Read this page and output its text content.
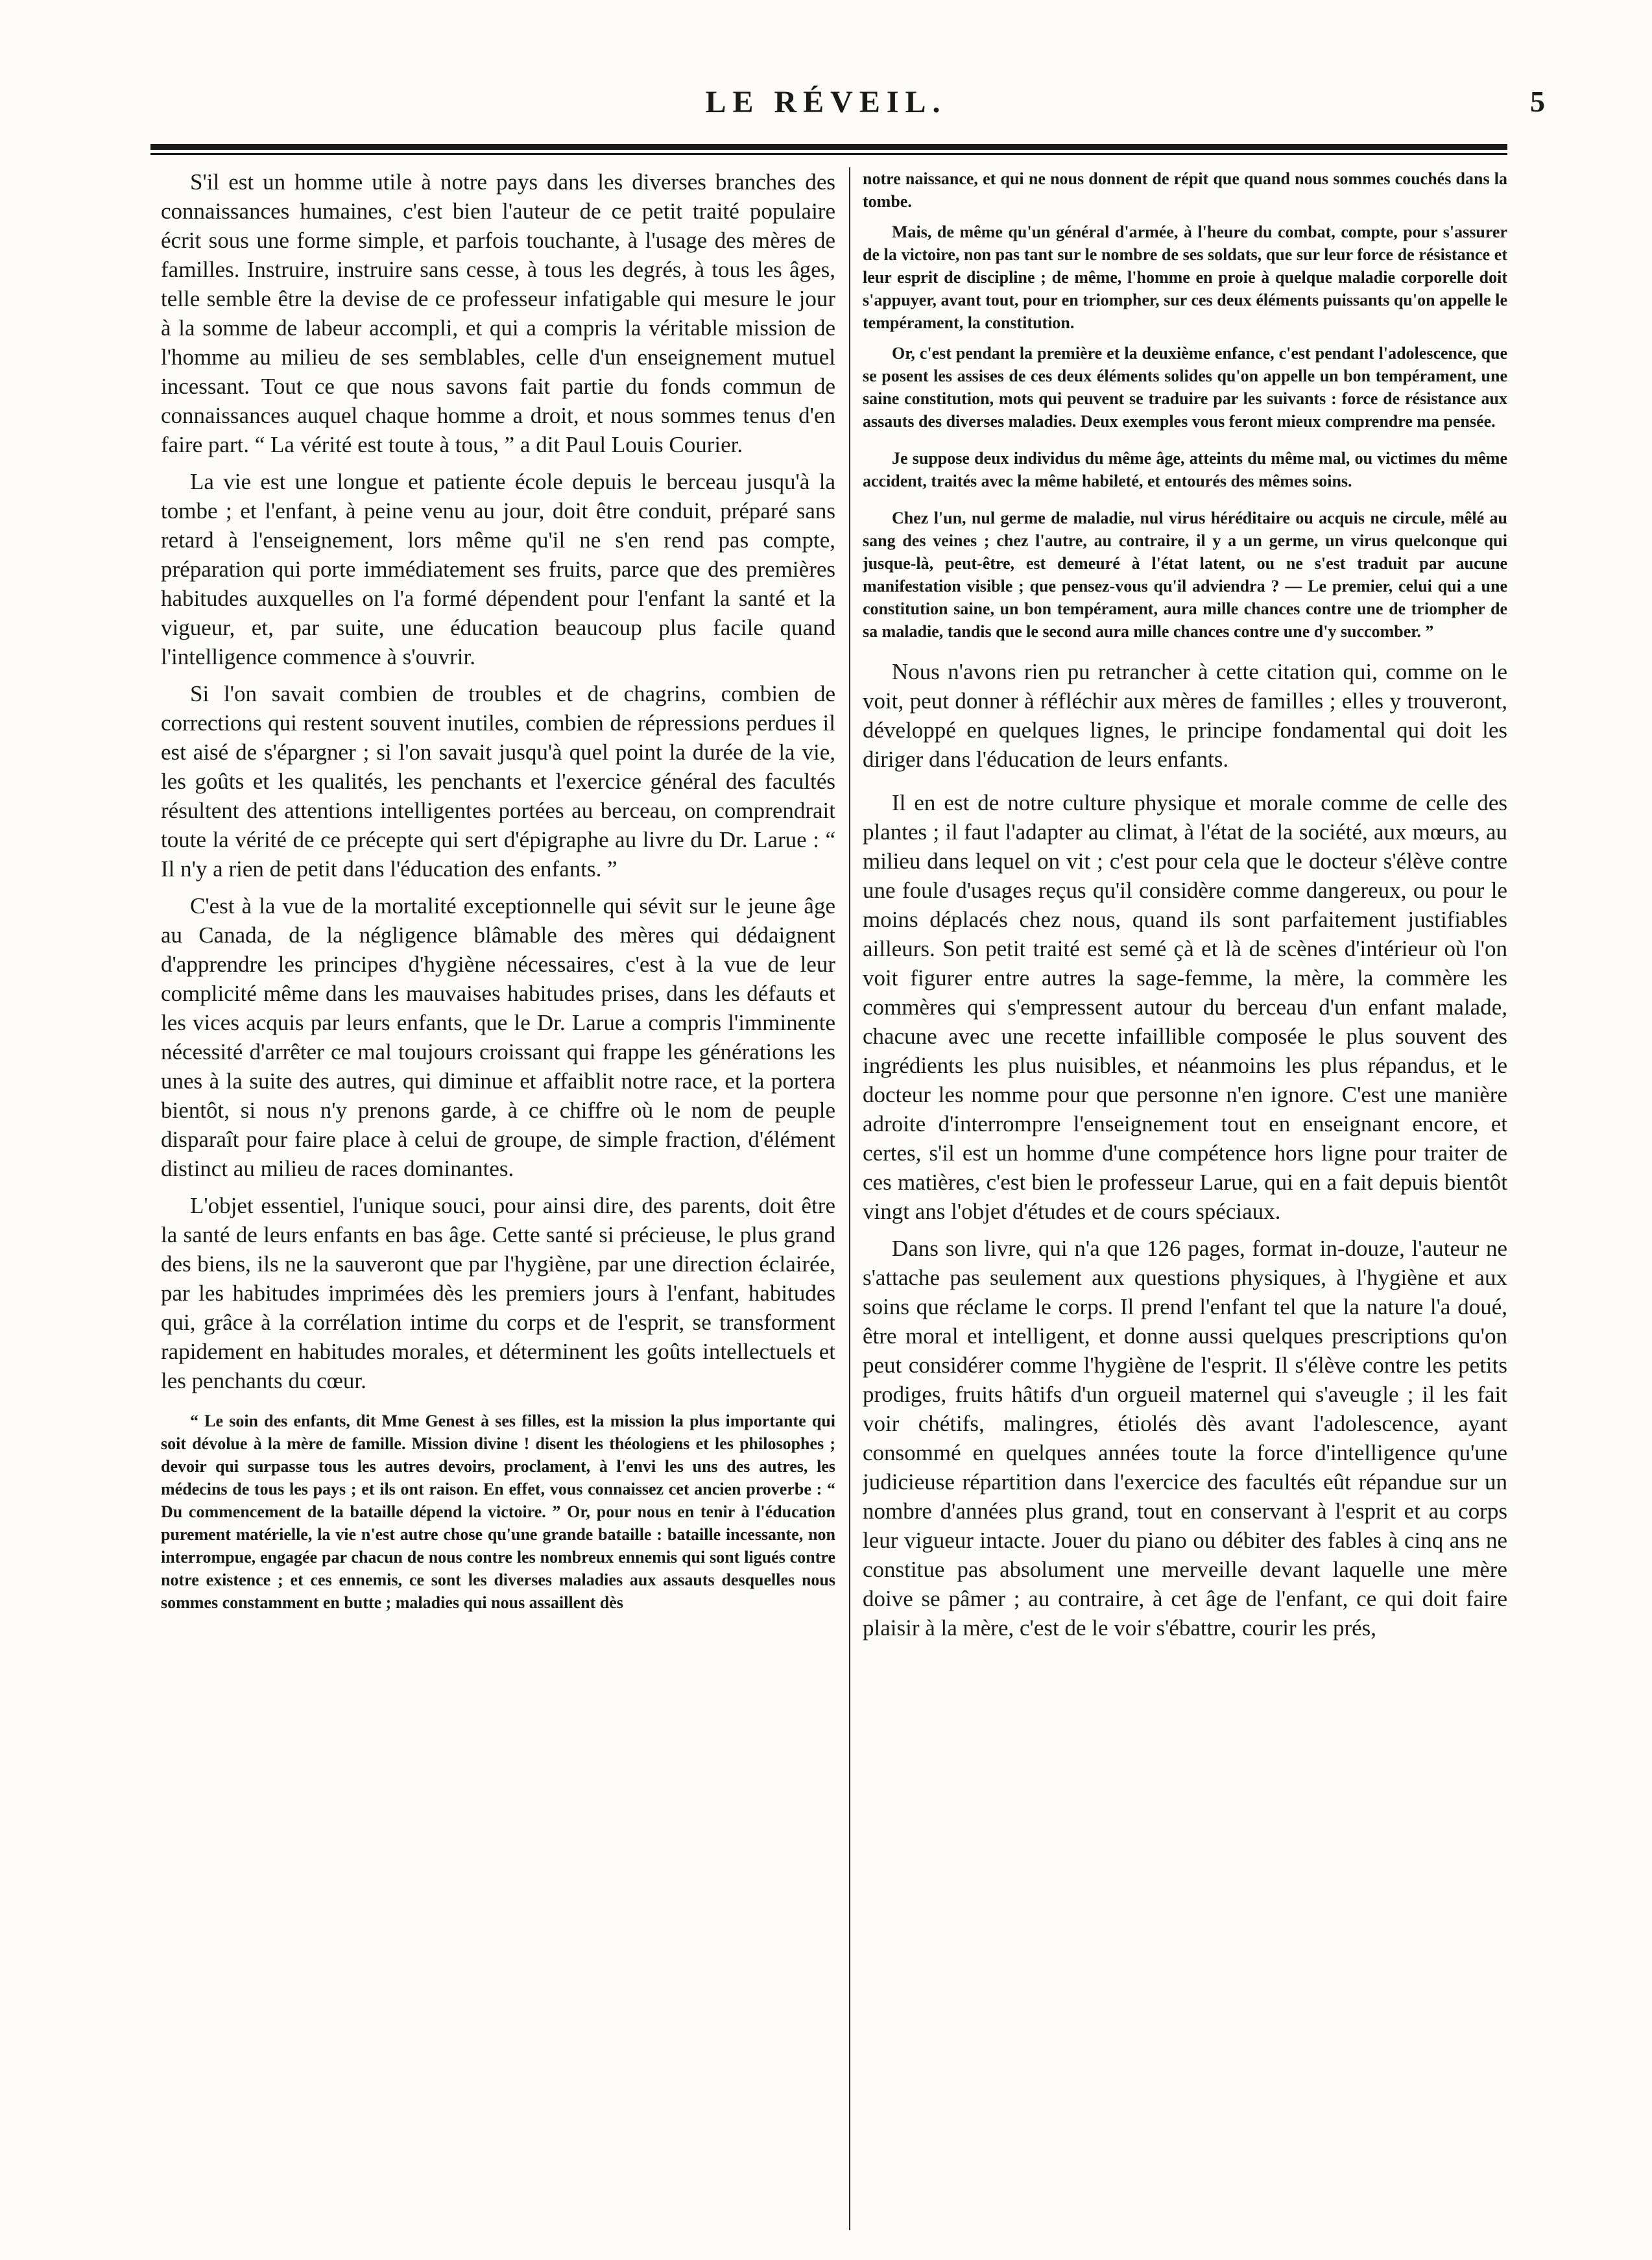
LE RÉVEIL.	5

S'il est un homme utile à notre pays dans les diverses branches des connaissances humaines, c'est bien l'auteur de ce petit traité populaire écrit sous une forme simple, et parfois touchante, à l'usage des mères de familles. Instruire, instruire sans cesse, à tous les degrés, à tous les âges, telle semble être la devise de ce professeur infatigable qui mesure le jour à la somme de labeur accompli, et qui a compris la véritable mission de l'homme au milieu de ses semblables, celle d'un enseignement mutuel incessant. Tout ce que nous savons fait partie du fonds commun de connaissances auquel chaque homme a droit, et nous sommes tenus d'en faire part. “ La vérité est toute à tous, ” a dit Paul Louis Courier.

La vie est une longue et patiente école depuis le berceau jusqu'à la tombe ; et l'enfant, à peine venu au jour, doit être conduit, préparé sans retard à l'enseignement, lors même qu'il ne s'en rend pas compte, préparation qui porte immédiatement ses fruits, parce que des premières habitudes auxquelles on l'a formé dépendent pour l'enfant la santé et la vigueur, et, par suite, une éducation beaucoup plus facile quand l'intelligence commence à s'ouvrir.

Si l'on savait combien de troubles et de chagrins, combien de corrections qui restent souvent inutiles, combien de répressions perdues il est aisé de s'épargner ; si l'on savait jusqu'à quel point la durée de la vie, les goûts et les qualités, les penchants et l'exercice général des facultés résultent des attentions intelligentes portées au berceau, on comprendrait toute la vérité de ce précepte qui sert d'épigraphe au livre du Dr. Larue : “ Il n'y a rien de petit dans l'éducation des enfants. ”

C'est à la vue de la mortalité exceptionnelle qui sévit sur le jeune âge au Canada, de la négligence blâmable des mères qui dédaignent d'apprendre les principes d'hygiène nécessaires, c'est à la vue de leur complicité même dans les mauvaises habitudes prises, dans les défauts et les vices acquis par leurs enfants, que le Dr. Larue a compris l'imminente nécessité d'arrêter ce mal toujours croissant qui frappe les générations les unes à la suite des autres, qui diminue et affaiblit notre race, et la portera bientôt, si nous n'y prenons garde, à ce chiffre où le nom de peuple disparaît pour faire place à celui de groupe, de simple fraction, d'élément distinct au milieu de races dominantes.

L'objet essentiel, l'unique souci, pour ainsi dire, des parents, doit être la santé de leurs enfants en bas âge. Cette santé si précieuse, le plus grand des biens, ils ne la sauveront que par l'hygiène, par une direction éclairée, par les habitudes imprimées dès les premiers jours à l'enfant, habitudes qui, grâce à la corrélation intime du corps et de l'esprit, se transforment rapidement en habitudes morales, et déterminent les goûts intellectuels et les penchants du cœur.

“ Le soin des enfants, dit Mme Genest à ses filles, est la mission la plus importante qui soit dévolue à la mère de famille. Mission divine ! disent les théologiens et les philosophes ; devoir qui surpasse tous les autres devoirs, proclament, à l'envi les uns des autres, les médecins de tous les pays ; et ils ont raison. En effet, vous connaissez cet ancien proverbe : “ Du commencement de la bataille dépend la victoire. ” Or, pour nous en tenir à l'éducation purement matérielle, la vie n'est autre chose qu'une grande bataille : bataille incessante, non interrompue, engagée par chacun de nous contre les nombreux ennemis qui sont ligués contre notre existence ; et ces ennemis, ce sont les diverses maladies aux assauts desquelles nous sommes constamment en butte ; maladies qui nous assaillent dès

notre naissance, et qui ne nous donnent de répit que quand nous sommes couchés dans la tombe.

Mais, de même qu'un général d'armée, à l'heure du combat, compte, pour s'assurer de la victoire, non pas tant sur le nombre de ses soldats, que sur leur force de résistance et leur esprit de discipline ; de même, l'homme en proie à quelque maladie corporelle doit s'appuyer, avant tout, pour en triompher, sur ces deux éléments puissants qu'on appelle le tempérament, la constitution.

Or, c'est pendant la première et la deuxième enfance, c'est pendant l'adolescence, que se posent les assises de ces deux éléments solides qu'on appelle un bon tempérament, une saine constitution, mots qui peuvent se traduire par les suivants : force de résistance aux assauts des diverses maladies. Deux exemples vous feront mieux comprendre ma pensée.

Je suppose deux individus du même âge, atteints du même mal, ou victimes du même accident, traités avec la même habileté, et entourés des mêmes soins.

Chez l'un, nul germe de maladie, nul virus héréditaire ou acquis ne circule, mêlé au sang des veines ; chez l'autre, au contraire, il y a un germe, un virus quelconque qui jusque-là, peut-être, est demeuré à l'état latent, ou ne s'est traduit par aucune manifestation visible ; que pensez-vous qu'il adviendra ? — Le premier, celui qui a une constitution saine, un bon tempérament, aura mille chances contre une de triompher de sa maladie, tandis que le second aura mille chances contre une d'y succomber. ”

Nous n'avons rien pu retrancher à cette citation qui, comme on le voit, peut donner à réfléchir aux mères de familles ; elles y trouveront, développé en quelques lignes, le principe fondamental qui doit les diriger dans l'éducation de leurs enfants.

Il en est de notre culture physique et morale comme de celle des plantes ; il faut l'adapter au climat, à l'état de la société, aux mœurs, au milieu dans lequel on vit ; c'est pour cela que le docteur s'élève contre une foule d'usages reçus qu'il considère comme dangereux, ou pour le moins déplacés chez nous, quand ils sont parfaitement justifiables ailleurs. Son petit traité est semé çà et là de scènes d'intérieur où l'on voit figurer entre autres la sage-femme, la mère, la commère les commères qui s'empressent autour du berceau d'un enfant malade, chacune avec une recette infaillible composée le plus souvent des ingrédients les plus nuisibles, et néanmoins les plus répandus, et le docteur les nomme pour que personne n'en ignore. C'est une manière adroite d'interrompre l'enseignement tout en enseignant encore, et certes, s'il est un homme d'une compétence hors ligne pour traiter de ces matières, c'est bien le professeur Larue, qui en a fait depuis bientôt vingt ans l'objet d'études et de cours spéciaux.

Dans son livre, qui n'a que 126 pages, format in-douze, l'auteur ne s'attache pas seulement aux questions physiques, à l'hygiène et aux soins que réclame le corps. Il prend l'enfant tel que la nature l'a doué, être moral et intelligent, et donne aussi quelques prescriptions qu'on peut considérer comme l'hygiène de l'esprit. Il s'élève contre les petits prodiges, fruits hâtifs d'un orgueil maternel qui s'aveugle ; il les fait voir chétifs, malingres, étiolés dès avant l'adolescence, ayant consommé en quelques années toute la force d'intelligence qu'une judicieuse répartition dans l'exercice des facultés eût répandue sur un nombre d'années plus grand, tout en conservant à l'esprit et au corps leur vigueur intacte. Jouer du piano ou débiter des fables à cinq ans ne constitue pas absolument une merveille devant laquelle une mère doive se pâmer ; au contraire, à cet âge de l'enfant, ce qui doit faire plaisir à la mère, c'est de le voir s'ébattre, courir les prés,
